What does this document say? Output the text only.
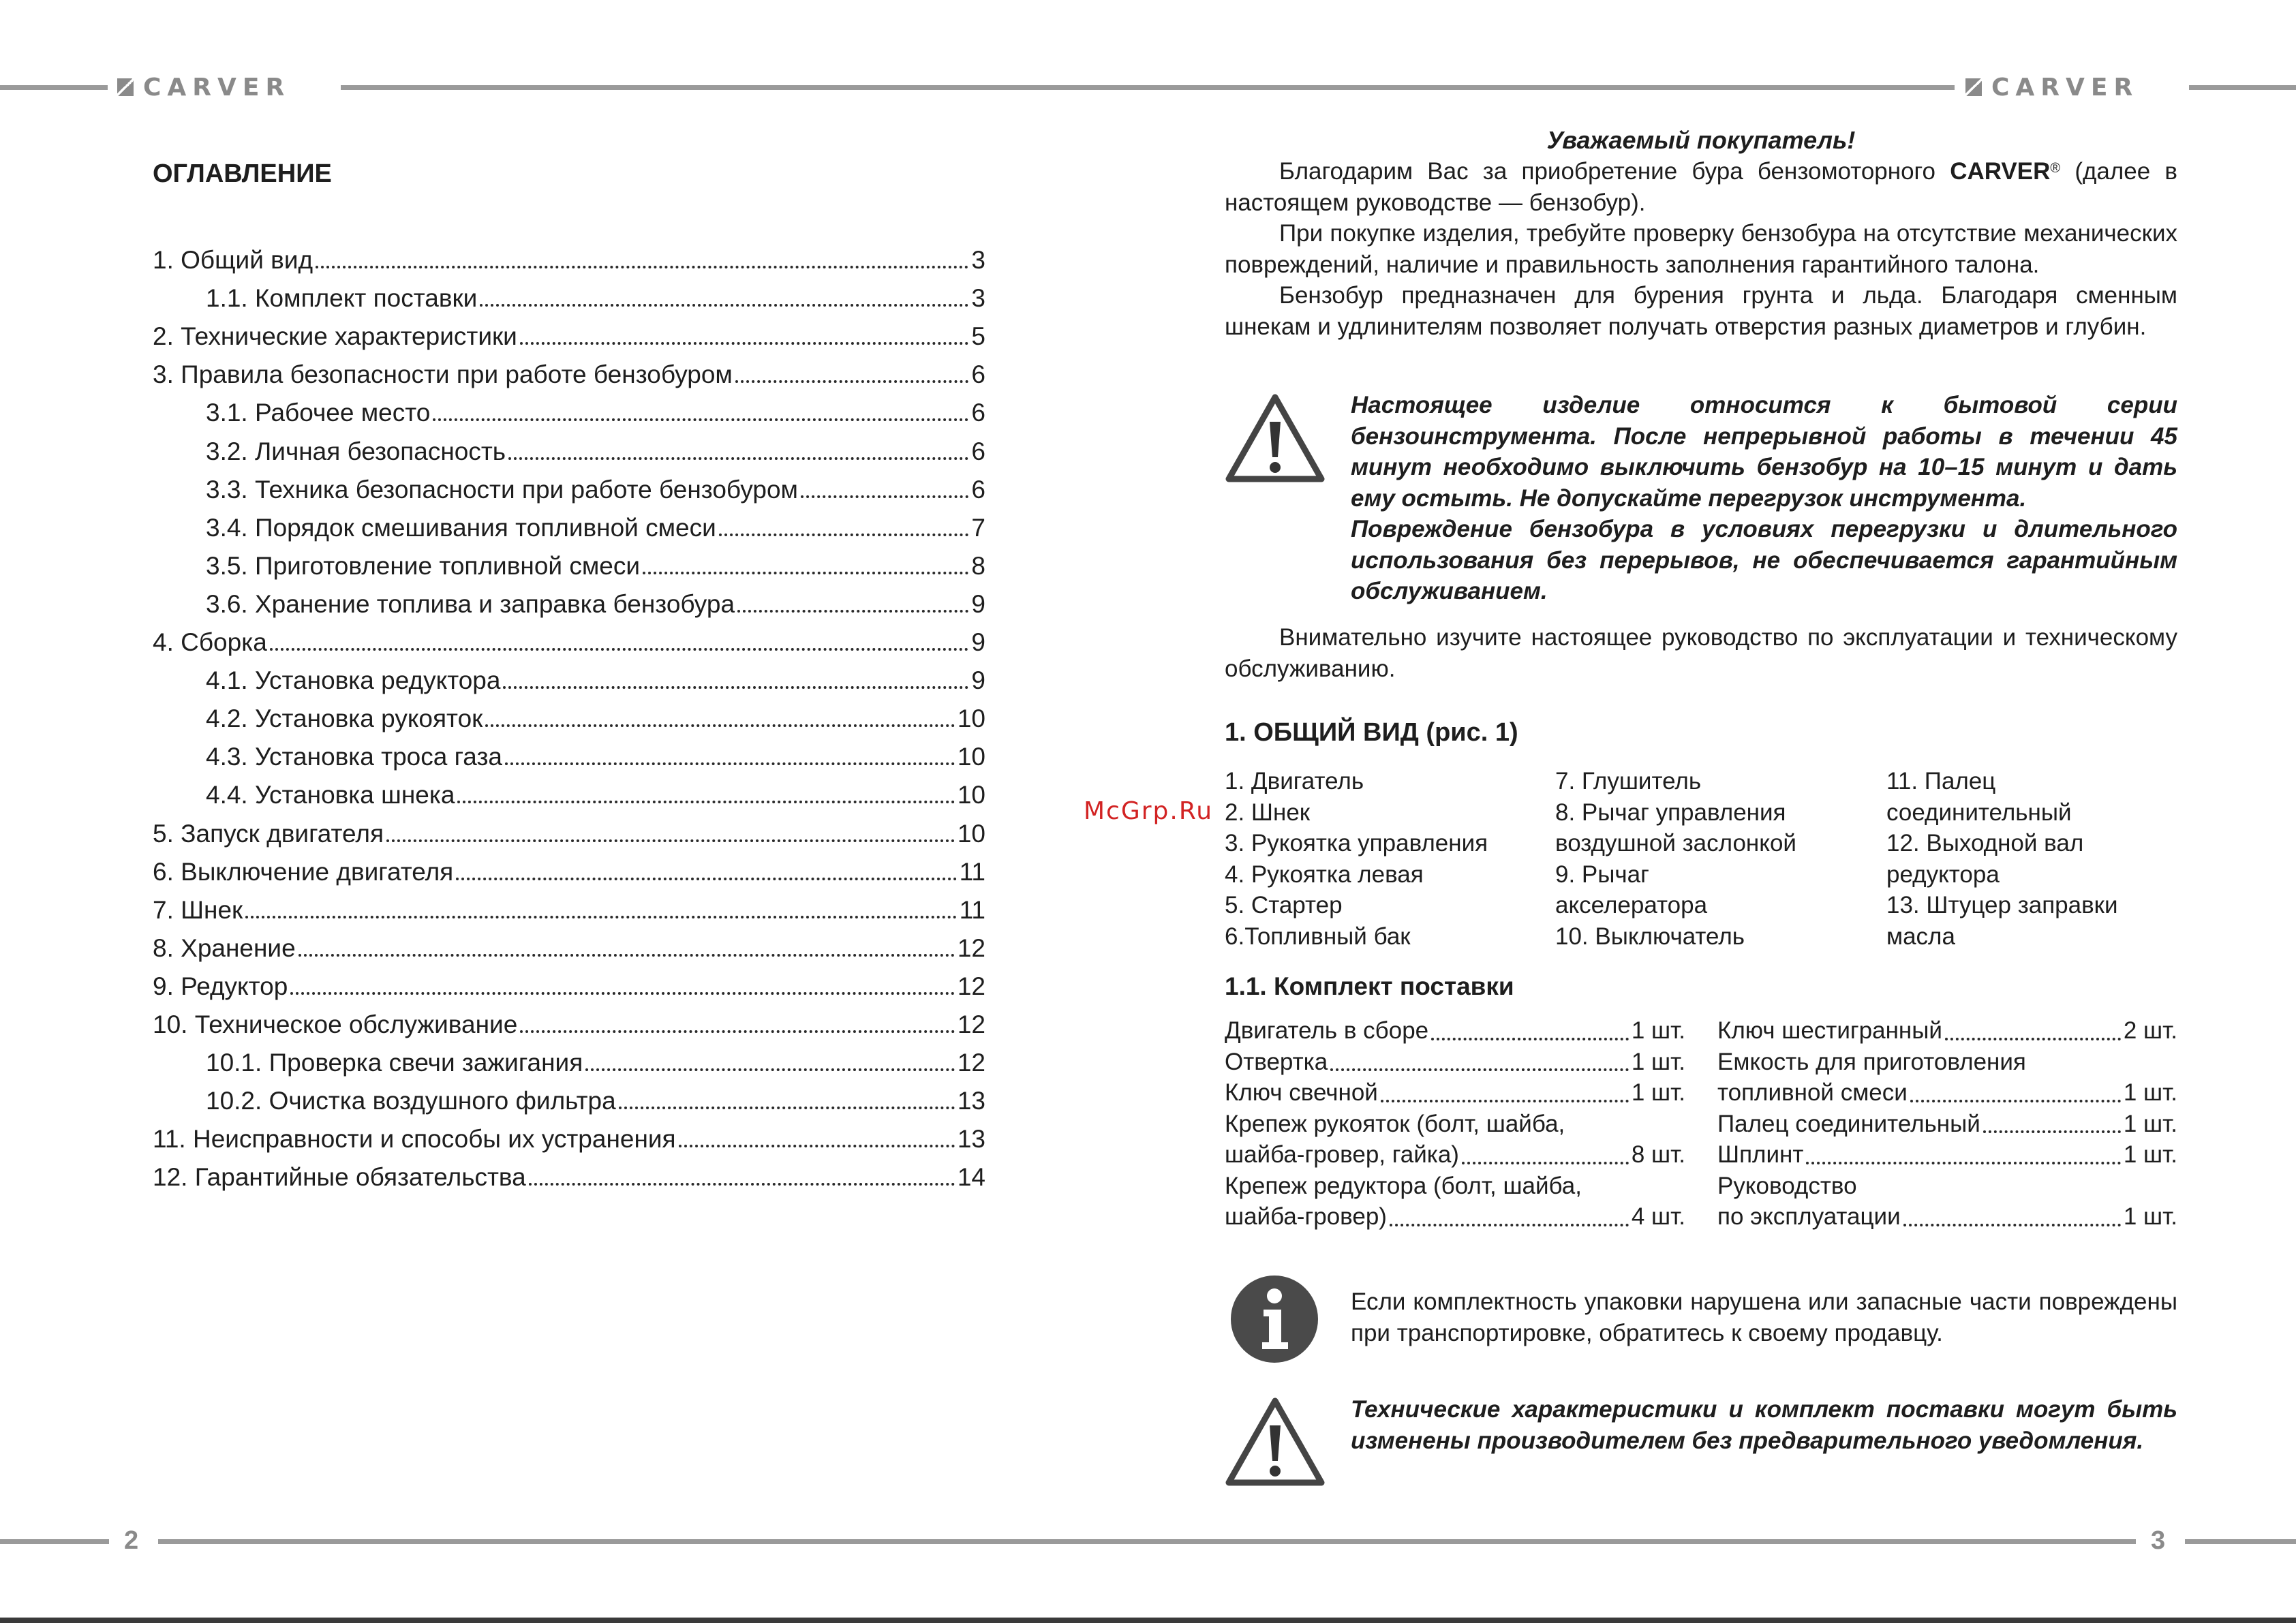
CARVER	CARVER
ОГЛАВЛЕНИЕ
1. Общий вид	3
1.1. Комплект поставки	3
2. Технические характеристики	5
3. Правила безопасности при работе бензобуром	6
3.1. Рабочее место	6
3.2. Личная безопасность	6
3.3. Техника безопасности при работе бензобуром	6
3.4. Порядок смешивания топливной смеси	7
3.5. Приготовление топливной смеси	8
3.6. Хранение топлива и заправка бензобура	9
4. Сборка	9
4.1. Установка редуктора	9
4.2. Установка рукояток	10
4.3. Установка троса газа	10
4.4. Установка шнека	10
5. Запуск двигателя	10
6. Выключение двигателя	11
7. Шнек	11
8. Хранение	12
9. Редуктор	12
10. Техническое обслуживание	12
10.1. Проверка свечи зажигания	12
10.2. Очистка воздушного фильтра	13
11. Неисправности и способы их устранения	13
12. Гарантийные обязательства	14
McGrp.Ru
Уважаемый покупатель!

Благодарим Вас за приобретение бура бензомоторного CARVER® (далее в настоящем руководстве — бензобур).

При покупке изделия, требуйте проверку бензобура на отсутствие механических повреждений, наличие и правильность заполнения гарантийного талона.

Бензобур предназначен для бурения грунта и льда. Благодаря сменным шнекам и удлинителям позволяет получать отверстия разных диаметров и глубин.

Настоящее изделие относится к бытовой серии бензоинструмента. После непрерывной работы в течении 45 минут необходимо выключить бензобур на 10–15 минут и дать ему остыть. Не допускайте перегрузок инструмента.
Повреждение бензобура в условиях перегрузки и длительного использования без перерывов, не обеспечивается гарантийным обслуживанием.

Внимательно изучите настоящее руководство по эксплуатации и техническому обслуживанию.

1. ОБЩИЙ ВИД (рис. 1)
1. Двигатель
2. Шнек
3. Рукоятка управления
4. Рукоятка левая
5. Стартер
6.Топливный бак
7. Глушитель
8. Рычаг управления
воздушной заслонкой
9. Рычаг
акселератора
10. Выключатель
11. Палец
соединительный
12. Выходной вал
редуктора
13. Штуцер заправки
масла
1.1. Комплект поставки
Двигатель в сборе	1 шт.
Отвертка	1 шт.
Ключ свечной	1 шт.
Крепеж рукояток (болт, шайба,
шайба-гровер, гайка)	8 шт.
Крепеж редуктора (болт, шайба,
шайба-гровер)	4 шт.
Ключ шестигранный	2 шт.
Емкость для приготовления
топливной смеси	1 шт.
Палец соединительный	1 шт.
Шплинт	1 шт.
Руководство
по эксплуатации	1 шт.
Если комплектность упаковки нарушена или запасные части повреждены при транспортировке, обратитесь к своему продавцу.
Технические характеристики и комплект поставки могут быть изменены производителем без предварительного уведомления.
2	3
